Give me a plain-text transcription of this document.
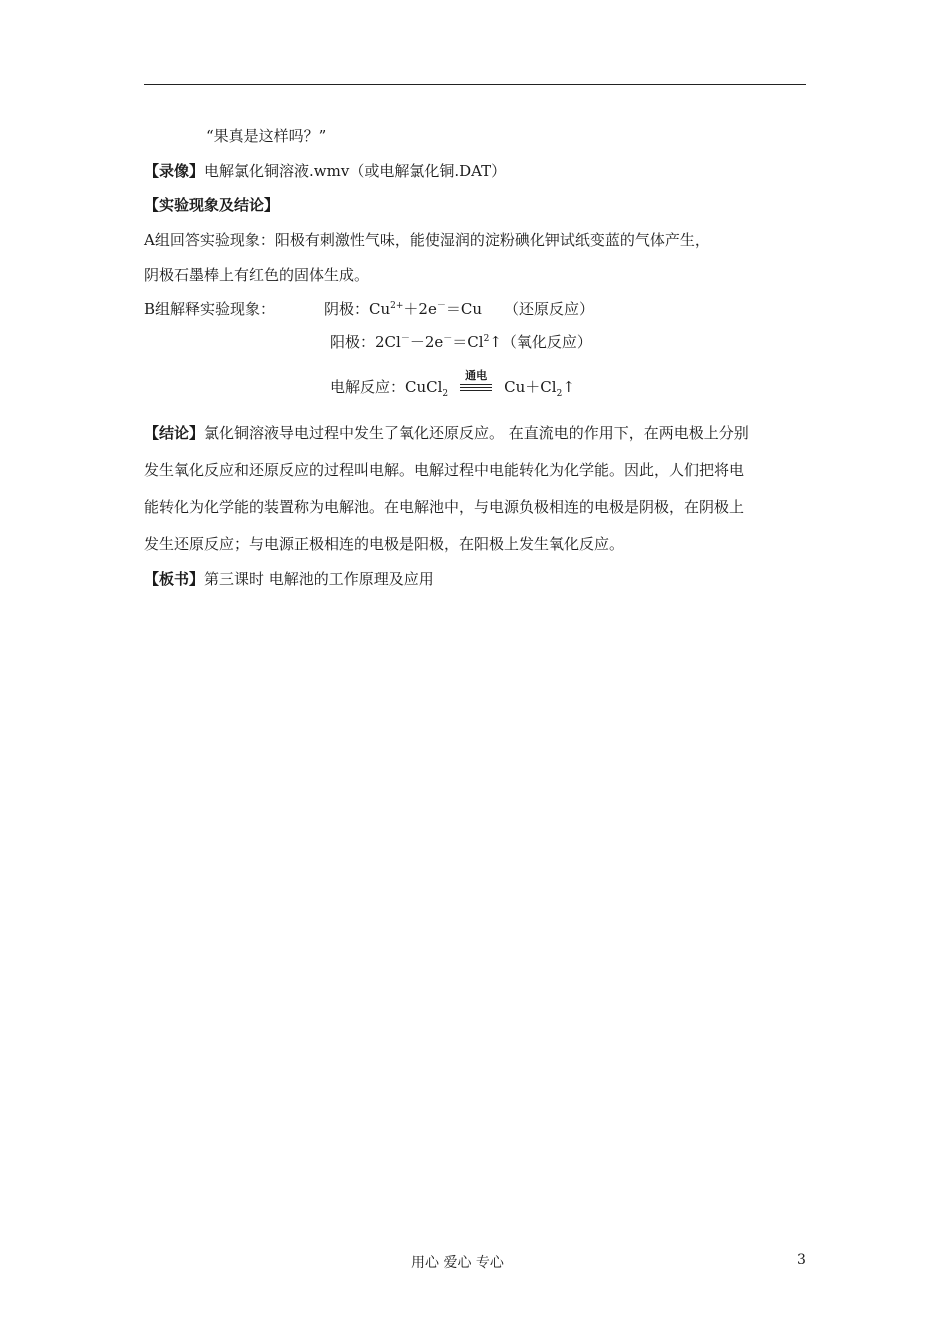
“果真是这样吗？”
【录像】电解氯化铜溶液.wmv（或电解氯化铜.DAT）
【实验现象及结论】
A组回答实验现象：阳极有刺激性气味，能使湿润的淀粉碘化钾试纸变蓝的气体产生，
阴极石墨棒上有红色的固体生成。
B组解释实验现象：	阴极：$Cu^{2+}+2e^-=Cu$ （还原反应）
阳极：$2Cl^--2e^-=Cl^2↑$（氧化反应）
电解反应：CuCl$_2$
通电
$Cu+Cl_2↑$
【结论】氯化铜溶液导电过程中发生了氧化还原反应。 在直流电的作用下，在两电极上分别
发生氧化反应和还原反应的过程叫电解。电解过程中电能转化为化学能。因此，人们把将电
能转化为化学能的装置称为电解池。在电解池中，与电源负极相连的电极是阴极，在阴极上
发生还原反应；与电源正极相连的电极是阳极，在阳极上发生氧化反应。
【板书】第三课时 电解池的工作原理及应用
用心 爱心 专心	3
